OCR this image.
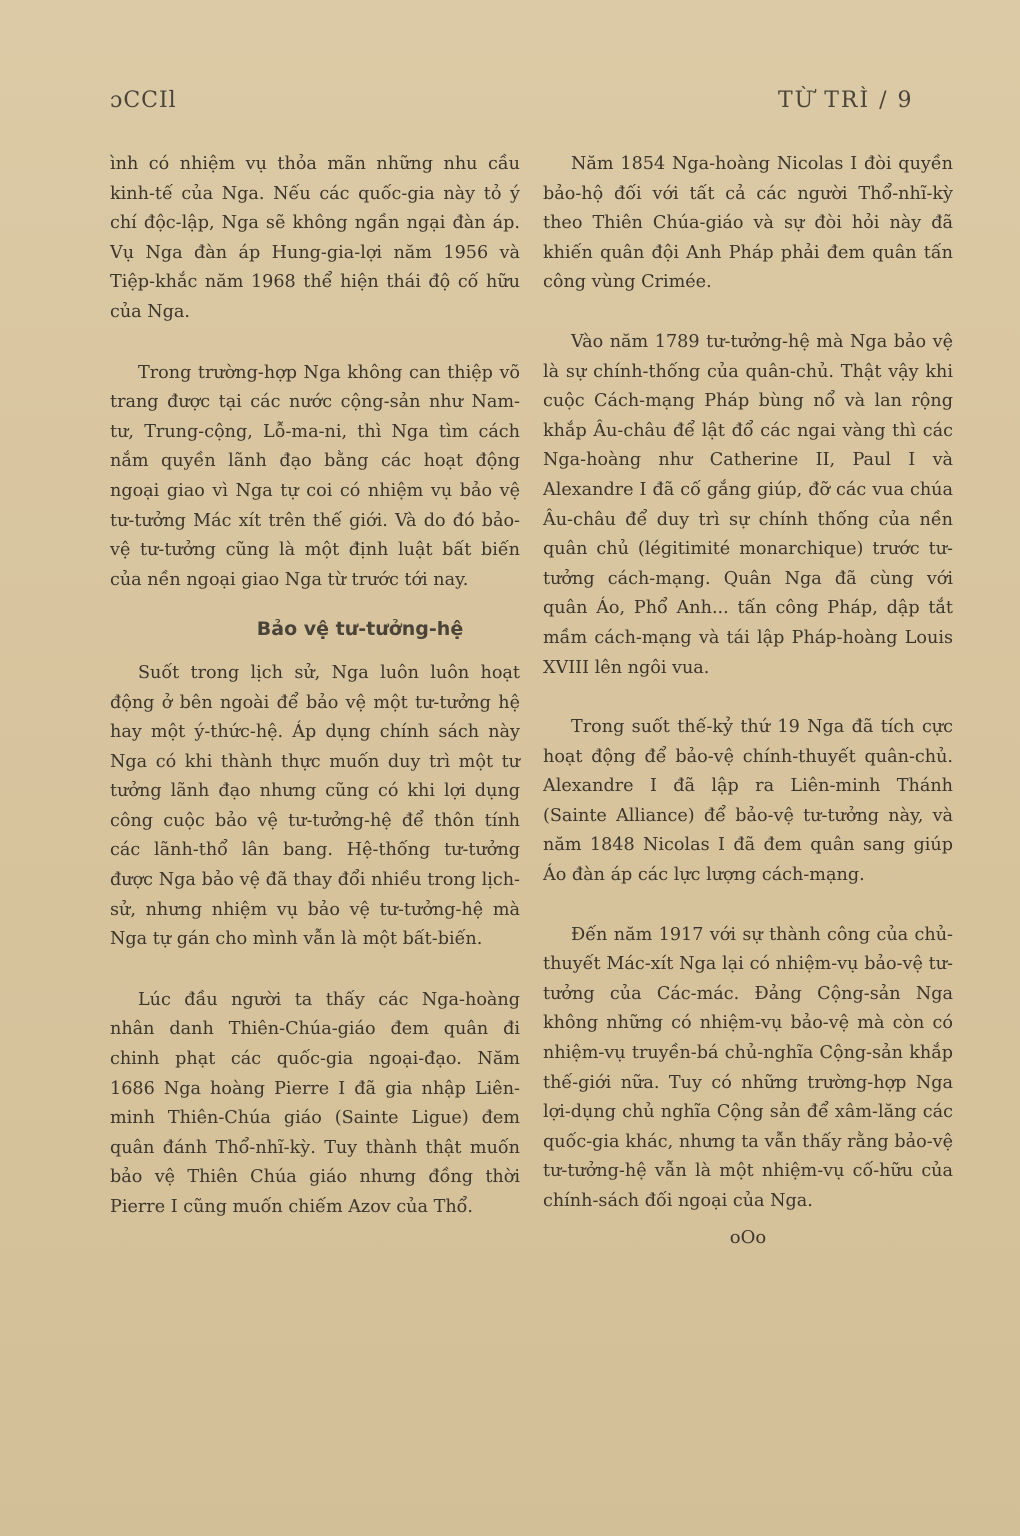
ɔCCIl	TỪ TRÌ / 9

ình có nhiệm vụ thỏa mãn những nhu cầu kinh-tế của Nga. Nếu các quốc-gia này tỏ ý chí độc-lập, Nga sẽ không ngần ngại đàn áp. Vụ Nga đàn áp Hung-gia-lợi năm 1956 và Tiệp-khắc năm 1968 thể hiện thái độ cố hữu của Nga.

Trong trường-hợp Nga không can thiệp võ trang được tại các nước cộng-sản như Nam-tư, Trung-cộng, Lỗ-ma-ni, thì Nga tìm cách nắm quyền lãnh đạo bằng các hoạt động ngoại giao vì Nga tự coi có nhiệm vụ bảo vệ tư-tưởng Mác xít trên thế giới. Và do đó bảo-vệ tư-tưởng cũng là một định luật bất biến của nền ngoại giao Nga từ trước tới nay.

Bảo vệ tư-tưởng-hệ

Suốt trong lịch sử, Nga luôn luôn hoạt động ở bên ngoài để bảo vệ một tư-tưởng hệ hay một ý-thức-hệ. Áp dụng chính sách này Nga có khi thành thực muốn duy trì một tư tưởng lãnh đạo nhưng cũng có khi lợi dụng công cuộc bảo vệ tư-tưởng-hệ để thôn tính các lãnh-thổ lân bang. Hệ-thống tư-tưởng được Nga bảo vệ đã thay đổi nhiều trong lịch-sử, nhưng nhiệm vụ bảo vệ tư-tưởng-hệ mà Nga tự gán cho mình vẫn là một bất-biến.

Lúc đầu người ta thấy các Nga-hoàng nhân danh Thiên-Chúa-giáo đem quân đi chinh phạt các quốc-gia ngoại-đạo. Năm 1686 Nga hoàng Pierre I đã gia nhập Liên-minh Thiên-Chúa giáo (Sainte Ligue) đem quân đánh Thổ-nhĩ-kỳ. Tuy thành thật muốn bảo vệ Thiên Chúa giáo nhưng đồng thời Pierre I cũng muốn chiếm Azov của Thổ.

Năm 1854 Nga-hoàng Nicolas I đòi quyền bảo-hộ đối với tất cả các người Thổ-nhĩ-kỳ theo Thiên Chúa-giáo và sự đòi hỏi này đã khiến quân đội Anh Pháp phải đem quân tấn công vùng Crimée.

Vào năm 1789 tư-tưởng-hệ mà Nga bảo vệ là sự chính-thống của quân-chủ. Thật vậy khi cuộc Cách-mạng Pháp bùng nổ và lan rộng khắp Âu-châu để lật đổ các ngai vàng thì các Nga-hoàng như Catherine II, Paul I và Alexandre I đã cố gắng giúp, đỡ các vua chúa Âu-châu để duy trì sự chính thống của nền quân chủ (légitimité monarchique) trước tư-tưởng cách-mạng. Quân Nga đã cùng với quân Áo, Phổ Anh... tấn công Pháp, dập tắt mầm cách-mạng và tái lập Pháp-hoàng Louis XVIII lên ngôi vua.

Trong suốt thế-kỷ thứ 19 Nga đã tích cực hoạt động để bảo-vệ chính-thuyết quân-chủ. Alexandre I đã lập ra Liên-minh Thánh (Sainte Alliance) để bảo-vệ tư-tưởng này, và năm 1848 Nicolas I đã đem quân sang giúp Áo đàn áp các lực lượng cách-mạng.

Đến năm 1917 với sự thành công của chủ-thuyết Mác-xít Nga lại có nhiệm-vụ bảo-vệ tư-tưởng của Các-mác. Đảng Cộng-sản Nga không những có nhiệm-vụ bảo-vệ mà còn có nhiệm-vụ truyền-bá chủ-nghĩa Cộng-sản khắp thế-giới nữa. Tuy có những trường-hợp Nga lợi-dụng chủ nghĩa Cộng sản để xâm-lăng các quốc-gia khác, nhưng ta vẫn thấy rằng bảo-vệ tư-tưởng-hệ vẫn là một nhiệm-vụ cố-hữu của chính-sách đối ngoại của Nga.

oOo
